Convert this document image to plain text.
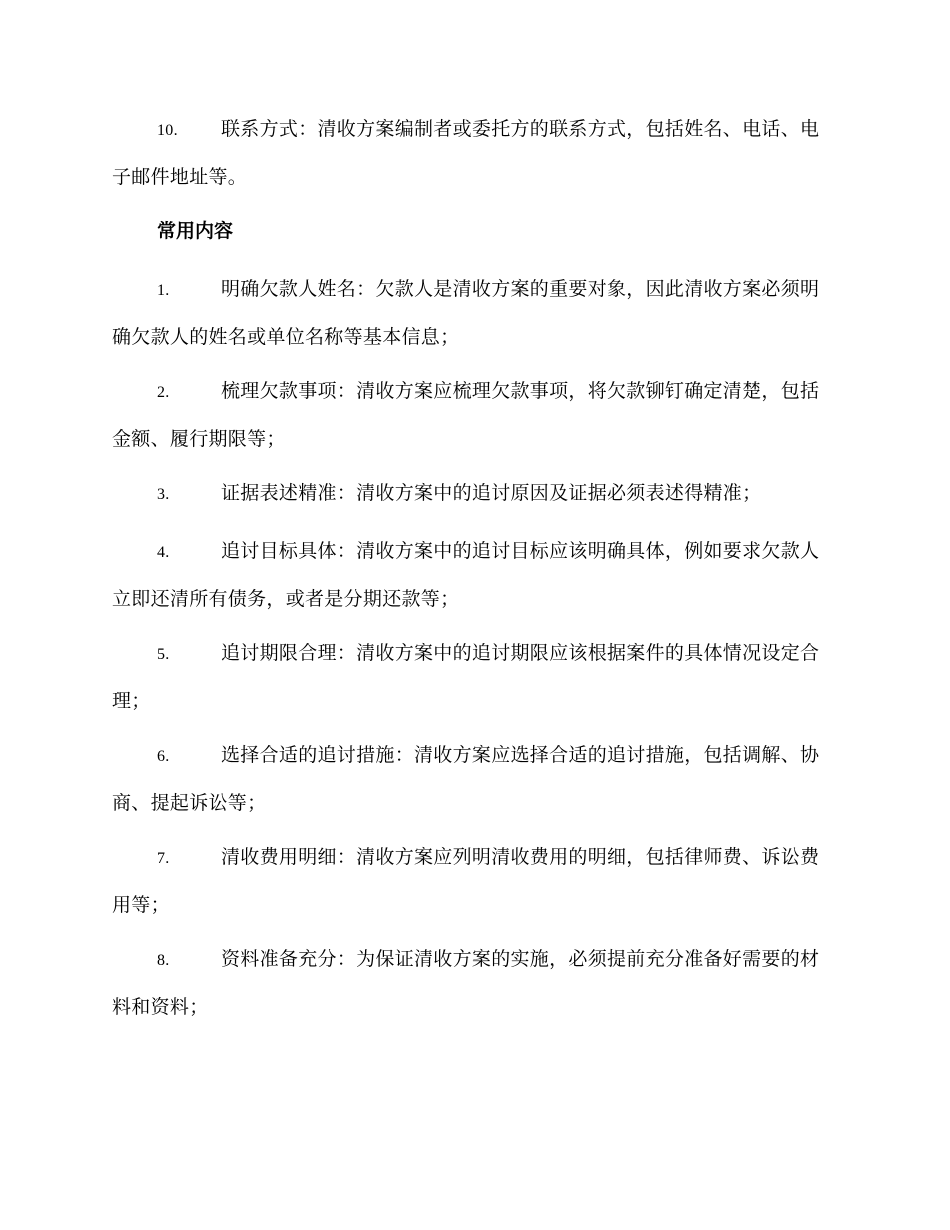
10. 联系方式：清收方案编制者或委托方的联系方式，包括姓名、电话、电子邮件地址等。

常用内容

1.	明确欠款人姓名：欠款人是清收方案的重要对象，因此清收方案必须明确欠款人的姓名或单位名称等基本信息；

2.	梳理欠款事项：清收方案应梳理欠款事项，将欠款铆钉确定清楚，包括金额、履行期限等；

3.	证据表述精准：清收方案中的追讨原因及证据必须表述得精准；

4.	追讨目标具体：清收方案中的追讨目标应该明确具体，例如要求欠款人立即还清所有债务，或者是分期还款等；

5.	追讨期限合理：清收方案中的追讨期限应该根据案件的具体情况设定合理；

6.	选择合适的追讨措施：清收方案应选择合适的追讨措施，包括调解、协商、提起诉讼等；

7.	清收费用明细：清收方案应列明清收费用的明细，包括律师费、诉讼费用等；

8.	资料准备充分：为保证清收方案的实施，必须提前充分准备好需要的材料和资料；
